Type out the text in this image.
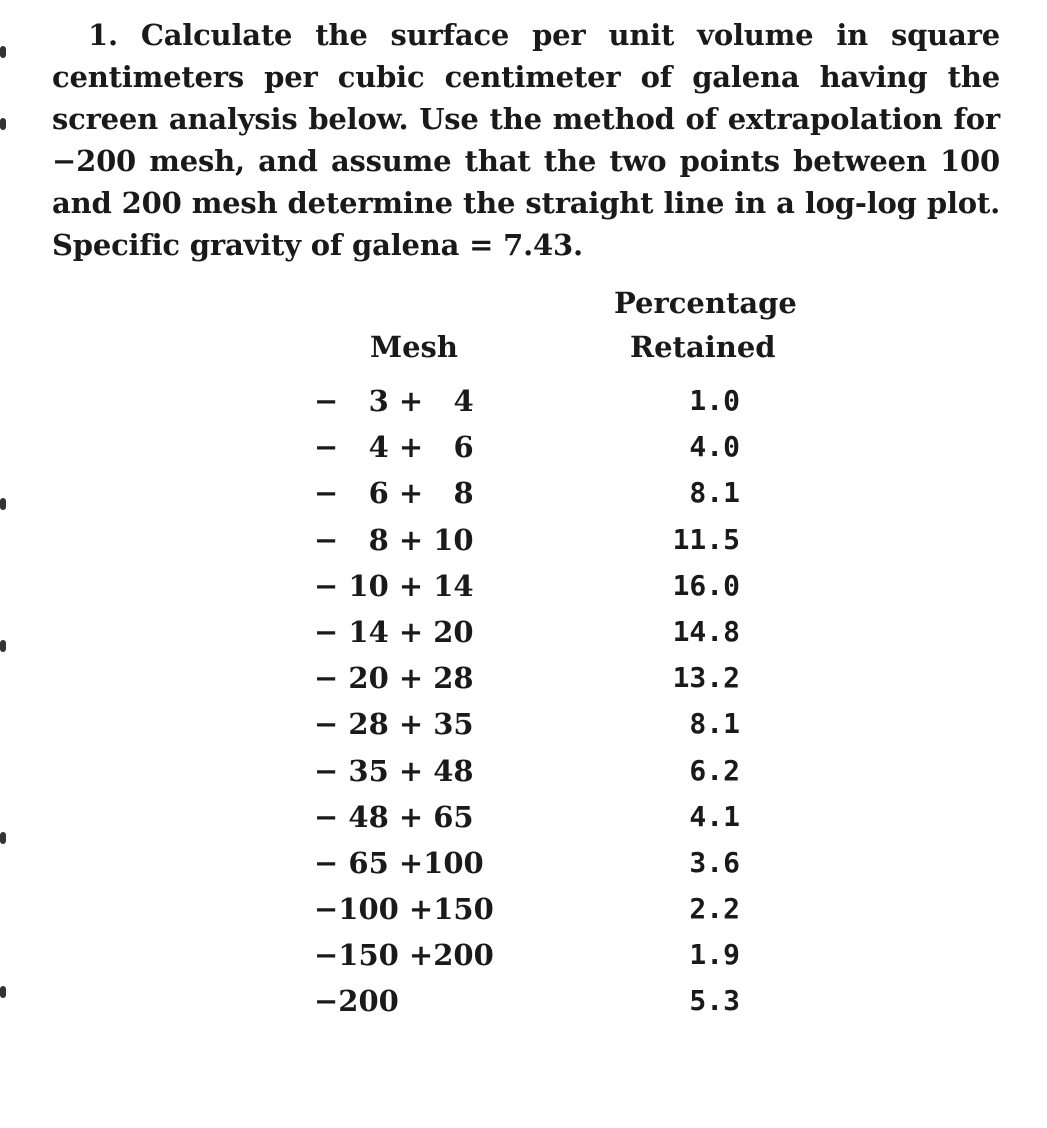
1. Calculate the surface per unit volume in square centimeters per cubic centimeter of galena having the screen analysis below. Use the method of extrapolation for −200 mesh, and assume that the two points between 100 and 200 mesh determine the straight line in a log-log plot. Specific gravity of galena = 7.43.

Percentage
Retained
Mesh
−   3 +   4	1.0
−   4 +   6	4.0
−   6 +   8	8.1
−   8 + 10	11.5
− 10 + 14	16.0
− 14 + 20	14.8
− 20 + 28	13.2
− 28 + 35	8.1
− 35 + 48	6.2
− 48 + 65	4.1
− 65 +100	3.6
−100 +150	2.2
−150 +200	1.9
−200	5.3
